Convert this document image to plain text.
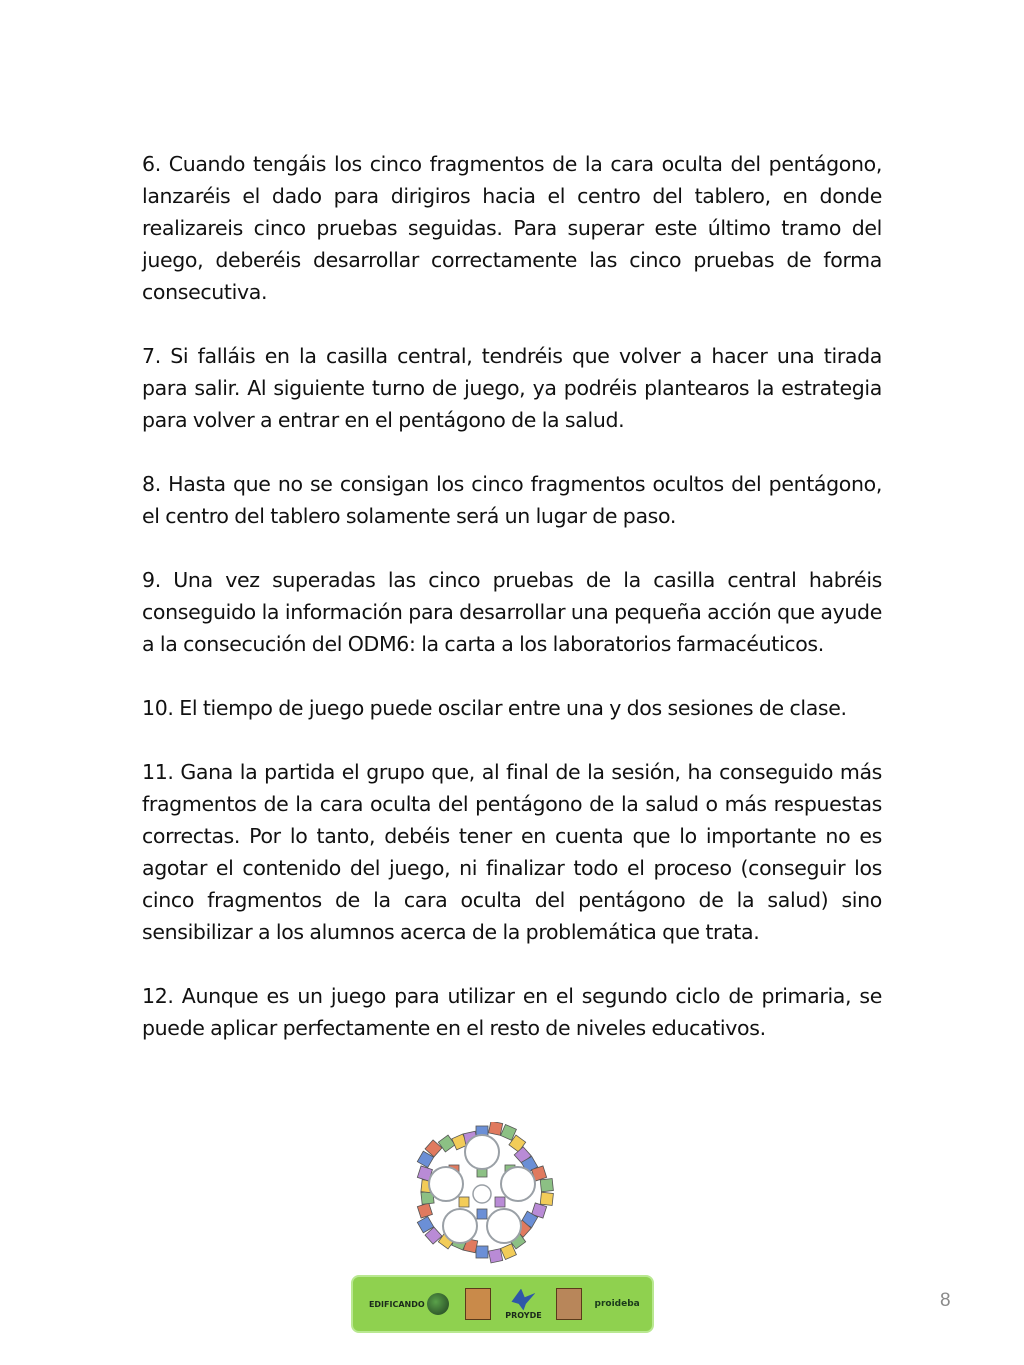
6. Cuando tengáis los cinco fragmentos de la cara oculta del pentágono, lanzaréis el dado para dirigiros hacia el centro del tablero, en donde realizareis cinco pruebas seguidas. Para superar este último tramo del juego, deberéis desarrollar correctamente las cinco pruebas de forma consecutiva.

7. Si falláis en la casilla central, tendréis que volver a hacer una tirada para salir. Al siguiente turno de juego, ya podréis plantearos la estrategia para volver a entrar en el pentágono de la salud.

8. Hasta que no se consigan los cinco fragmentos ocultos del pentágono, el centro del tablero solamente será un lugar de paso.

9. Una vez superadas las cinco pruebas de la casilla central habréis conseguido la información para desarrollar una pequeña acción que ayude a la consecución del ODM6: la carta a los laboratorios farmacéuticos.

10. El tiempo de juego puede oscilar entre una y dos sesiones de clase.

11. Gana la partida el grupo que, al final de la sesión, ha conseguido más fragmentos de la cara oculta del pentágono de la salud o más respuestas correctas. Por lo tanto, debéis tener en cuenta que lo importante no es agotar el contenido del juego, ni finalizar todo el proceso (conseguir los cinco fragmentos de la cara oculta del pentágono de la salud) sino sensibilizar a los alumnos acerca de la problemática que trata.

12. Aunque es un juego para utilizar en el segundo ciclo de primaria, se puede aplicar perfectamente en el resto de niveles educativos.

EDIFICANDO
PROYDE
proideba	8
